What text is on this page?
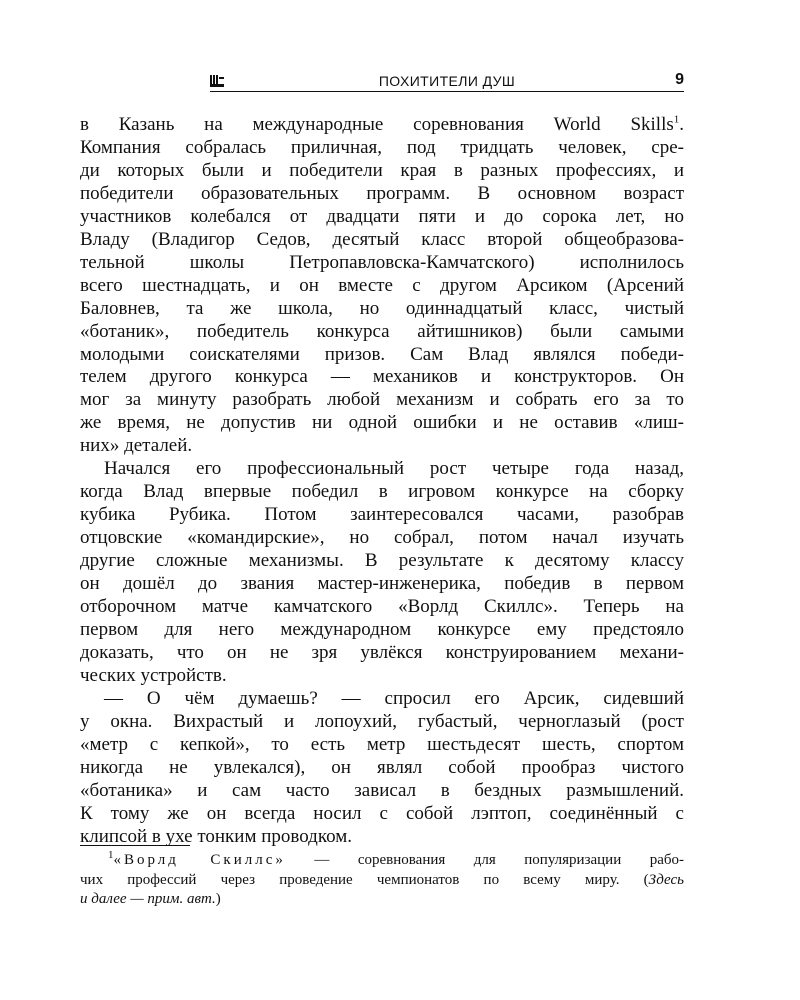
ПОХИТИТЕЛИ ДУШ	9

в Казань на международные соревнования World Skills$^1$.
Компания собралась приличная, под тридцать человек, сре-
ди которых были и победители края в разных профессиях, и
победители образовательных программ. В основном возраст
участников колебался от двадцати пяти и до сорока лет, но
Владу (Владигор Седов, десятый класс второй общеобразова-
тельной школы Петропавловска-Камчатского) исполнилось
всего шестнадцать, и он вместе с другом Арсиком (Арсений
Баловнев, та же школа, но одиннадцатый класс, чистый
«ботаник», победитель конкурса айтишников) были самыми
молодыми соискателями призов. Сам Влад являлся победи-
телем другого конкурса — механиков и конструкторов. Он
мог за минуту разобрать любой механизм и собрать его за то
же время, не допустив ни одной ошибки и не оставив «лиш-
них» деталей.

Начался его профессиональный рост четыре года назад,
когда Влад впервые победил в игровом конкурсе на сборку
кубика Рубика. Потом заинтересовался часами, разобрав
отцовские «командирские», но собрал, потом начал изучать
другие сложные механизмы. В результате к десятому классу
он дошёл до звания мастер-инженерика, победив в первом
отборочном матче камчатского «Ворлд Скиллс». Теперь на
первом для него международном конкурсе ему предстояло
доказать, что он не зря увлёкся конструированием механи-
ческих устройств.

— О чём думаешь? — спросил его Арсик, сидевший
у окна. Вихрастый и лопоухий, губастый, черноглазый (рост
«метр с кепкой», то есть метр шестьдесят шесть, спортом
никогда не увлекался), он являл собой прообраз чистого
«ботаника» и сам часто зависал в бездных размышлений.
К тому же он всегда носил с собой лэптоп, соединённый с
клипсой в ухе тонким проводком.

$^1$«Ворлд Скиллс» — соревнования для популяризации рабо-
чих профессий через проведение чемпионатов по всему миру. (Здесь
и далее — прим. авт.)
